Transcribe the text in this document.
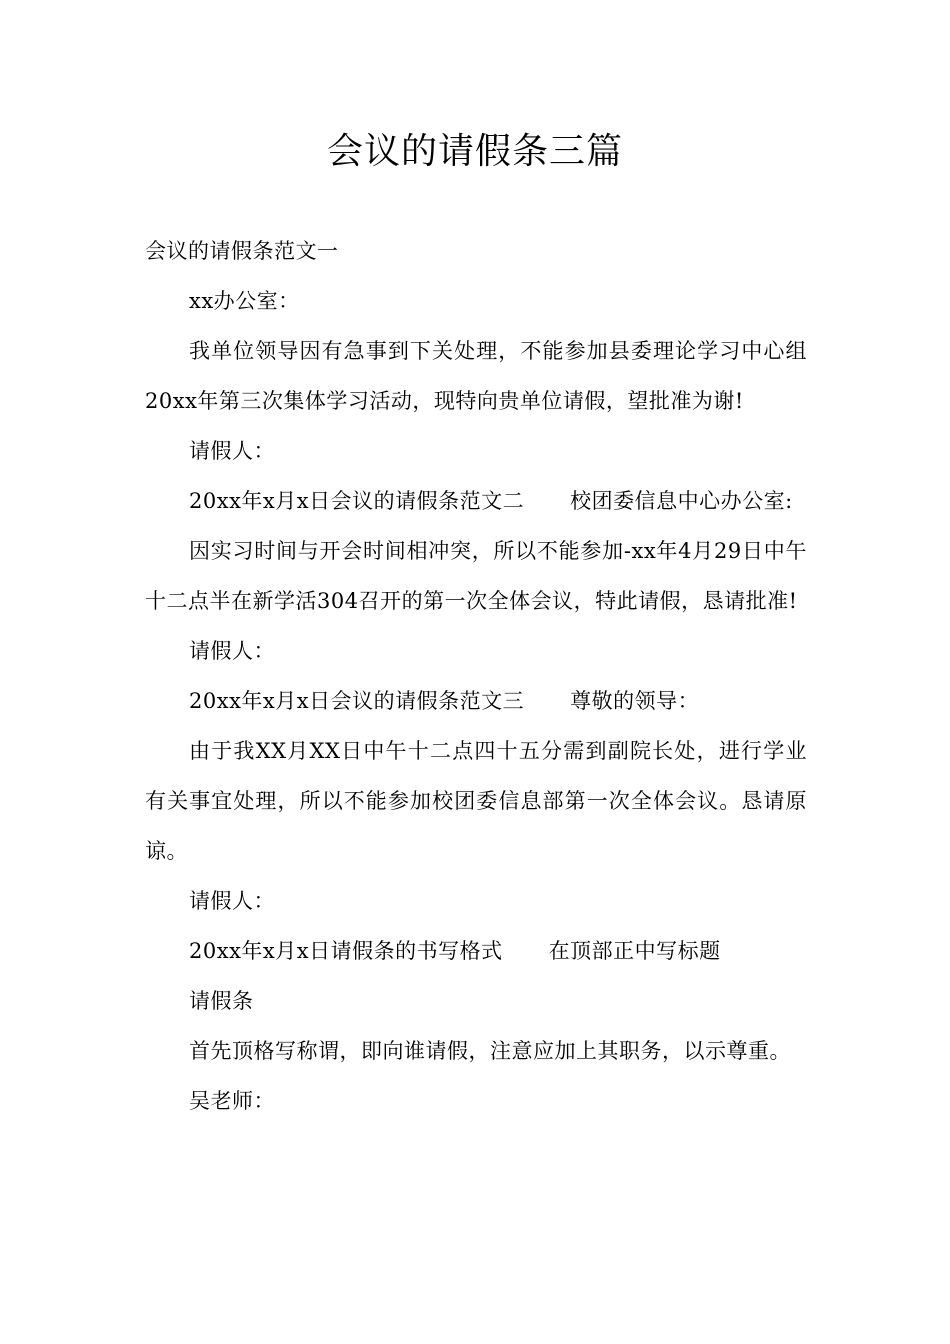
会议的请假条三篇

会议的请假条范文一

xx办公室：

我单位领导因有急事到下关处理，不能参加县委理论学习中心组20xx年第三次集体学习活动，现特向贵单位请假，望批准为谢!

请假人：

20xx年x月x日会议的请假条范文二 校团委信息中心办公室:

因实习时间与开会时间相冲突，所以不能参加-xx年4月29日中午十二点半在新学活304召开的第一次全体会议，特此请假，恳请批准!

请假人：

20xx年x月x日会议的请假条范文三 尊敬的领导：

由于我XX月XX日中午十二点四十五分需到副院长处，进行学业有关事宜处理，所以不能参加校团委信息部第一次全体会议。恳请原谅。

请假人：

20xx年x月x日请假条的书写格式 在顶部正中写标题

请假条

首先顶格写称谓，即向谁请假，注意应加上其职务，以示尊重。

吴老师：
